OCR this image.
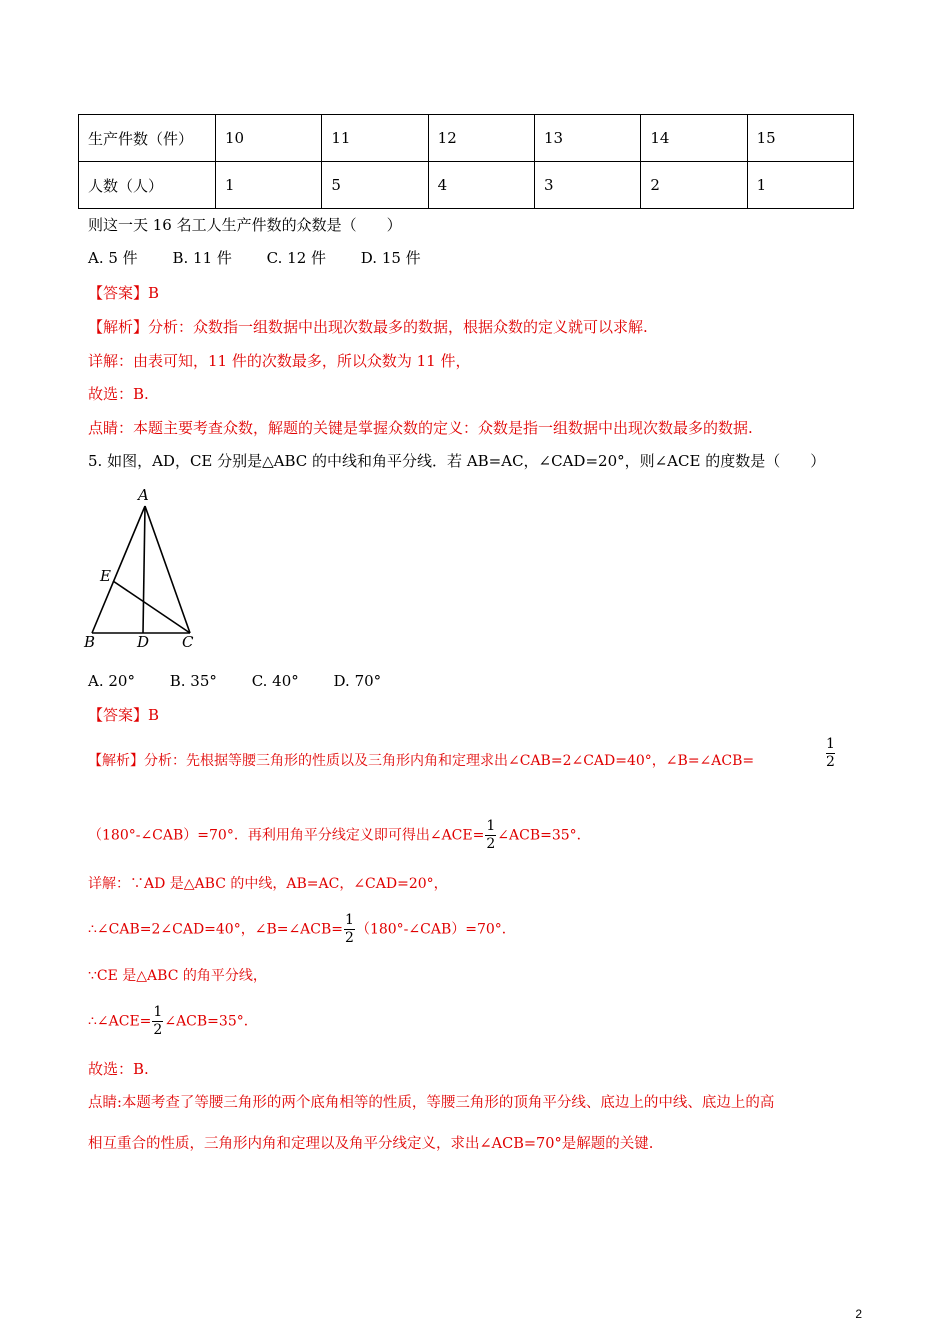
生产件数（件）	10	11	12	13	14	15
人数（人）	1	5	4	3	2	1
则这一天 16 名工人生产件数的众数是（　　）
A. 5 件 B. 11 件 C. 12 件 D. 15 件
【答案】B
【解析】分析：众数指一组数据中出现次数最多的数据，根据众数的定义就可以求解.
详解：由表可知，11 件的次数最多，所以众数为 11 件，
故选：B.
点睛：本题主要考查众数，解题的关键是掌握众数的定义：众数是指一组数据中出现次数最多的数据.
5. 如图，AD，CE 分别是△ABC 的中线和角平分线．若 AB=AC，∠CAD=20°，则∠ACE 的度数是（　　）
A
B	C
D
E
A. 20° B. 35° C. 40° D. 70°
【答案】B
【解析】分析：先根据等腰三角形的性质以及三角形内角和定理求出∠CAB=2∠CAD=40°，∠B=∠ACB=
1
2
（180°-∠CAB）=70°．再利用角平分线定义即可得出∠ACE= $\frac{1}{2}$ ∠ACB=35°．
详解：∵AD 是△ABC 的中线，AB=AC，∠CAD=20°，
∴∠CAB=2∠CAD=40°，∠B=∠ACB= $\frac{1}{2}$ （180°-∠CAB）=70°．
∵CE 是△ABC 的角平分线，
∴∠ACE= $\frac{1}{2}$ ∠ACB=35°．
故选：B.
点睛:本题考查了等腰三角形的两个底角相等的性质，等腰三角形的顶角平分线、底边上的中线、底边上的高
相互重合的性质，三角形内角和定理以及角平分线定义，求出∠ACB=70°是解题的关键.
2
